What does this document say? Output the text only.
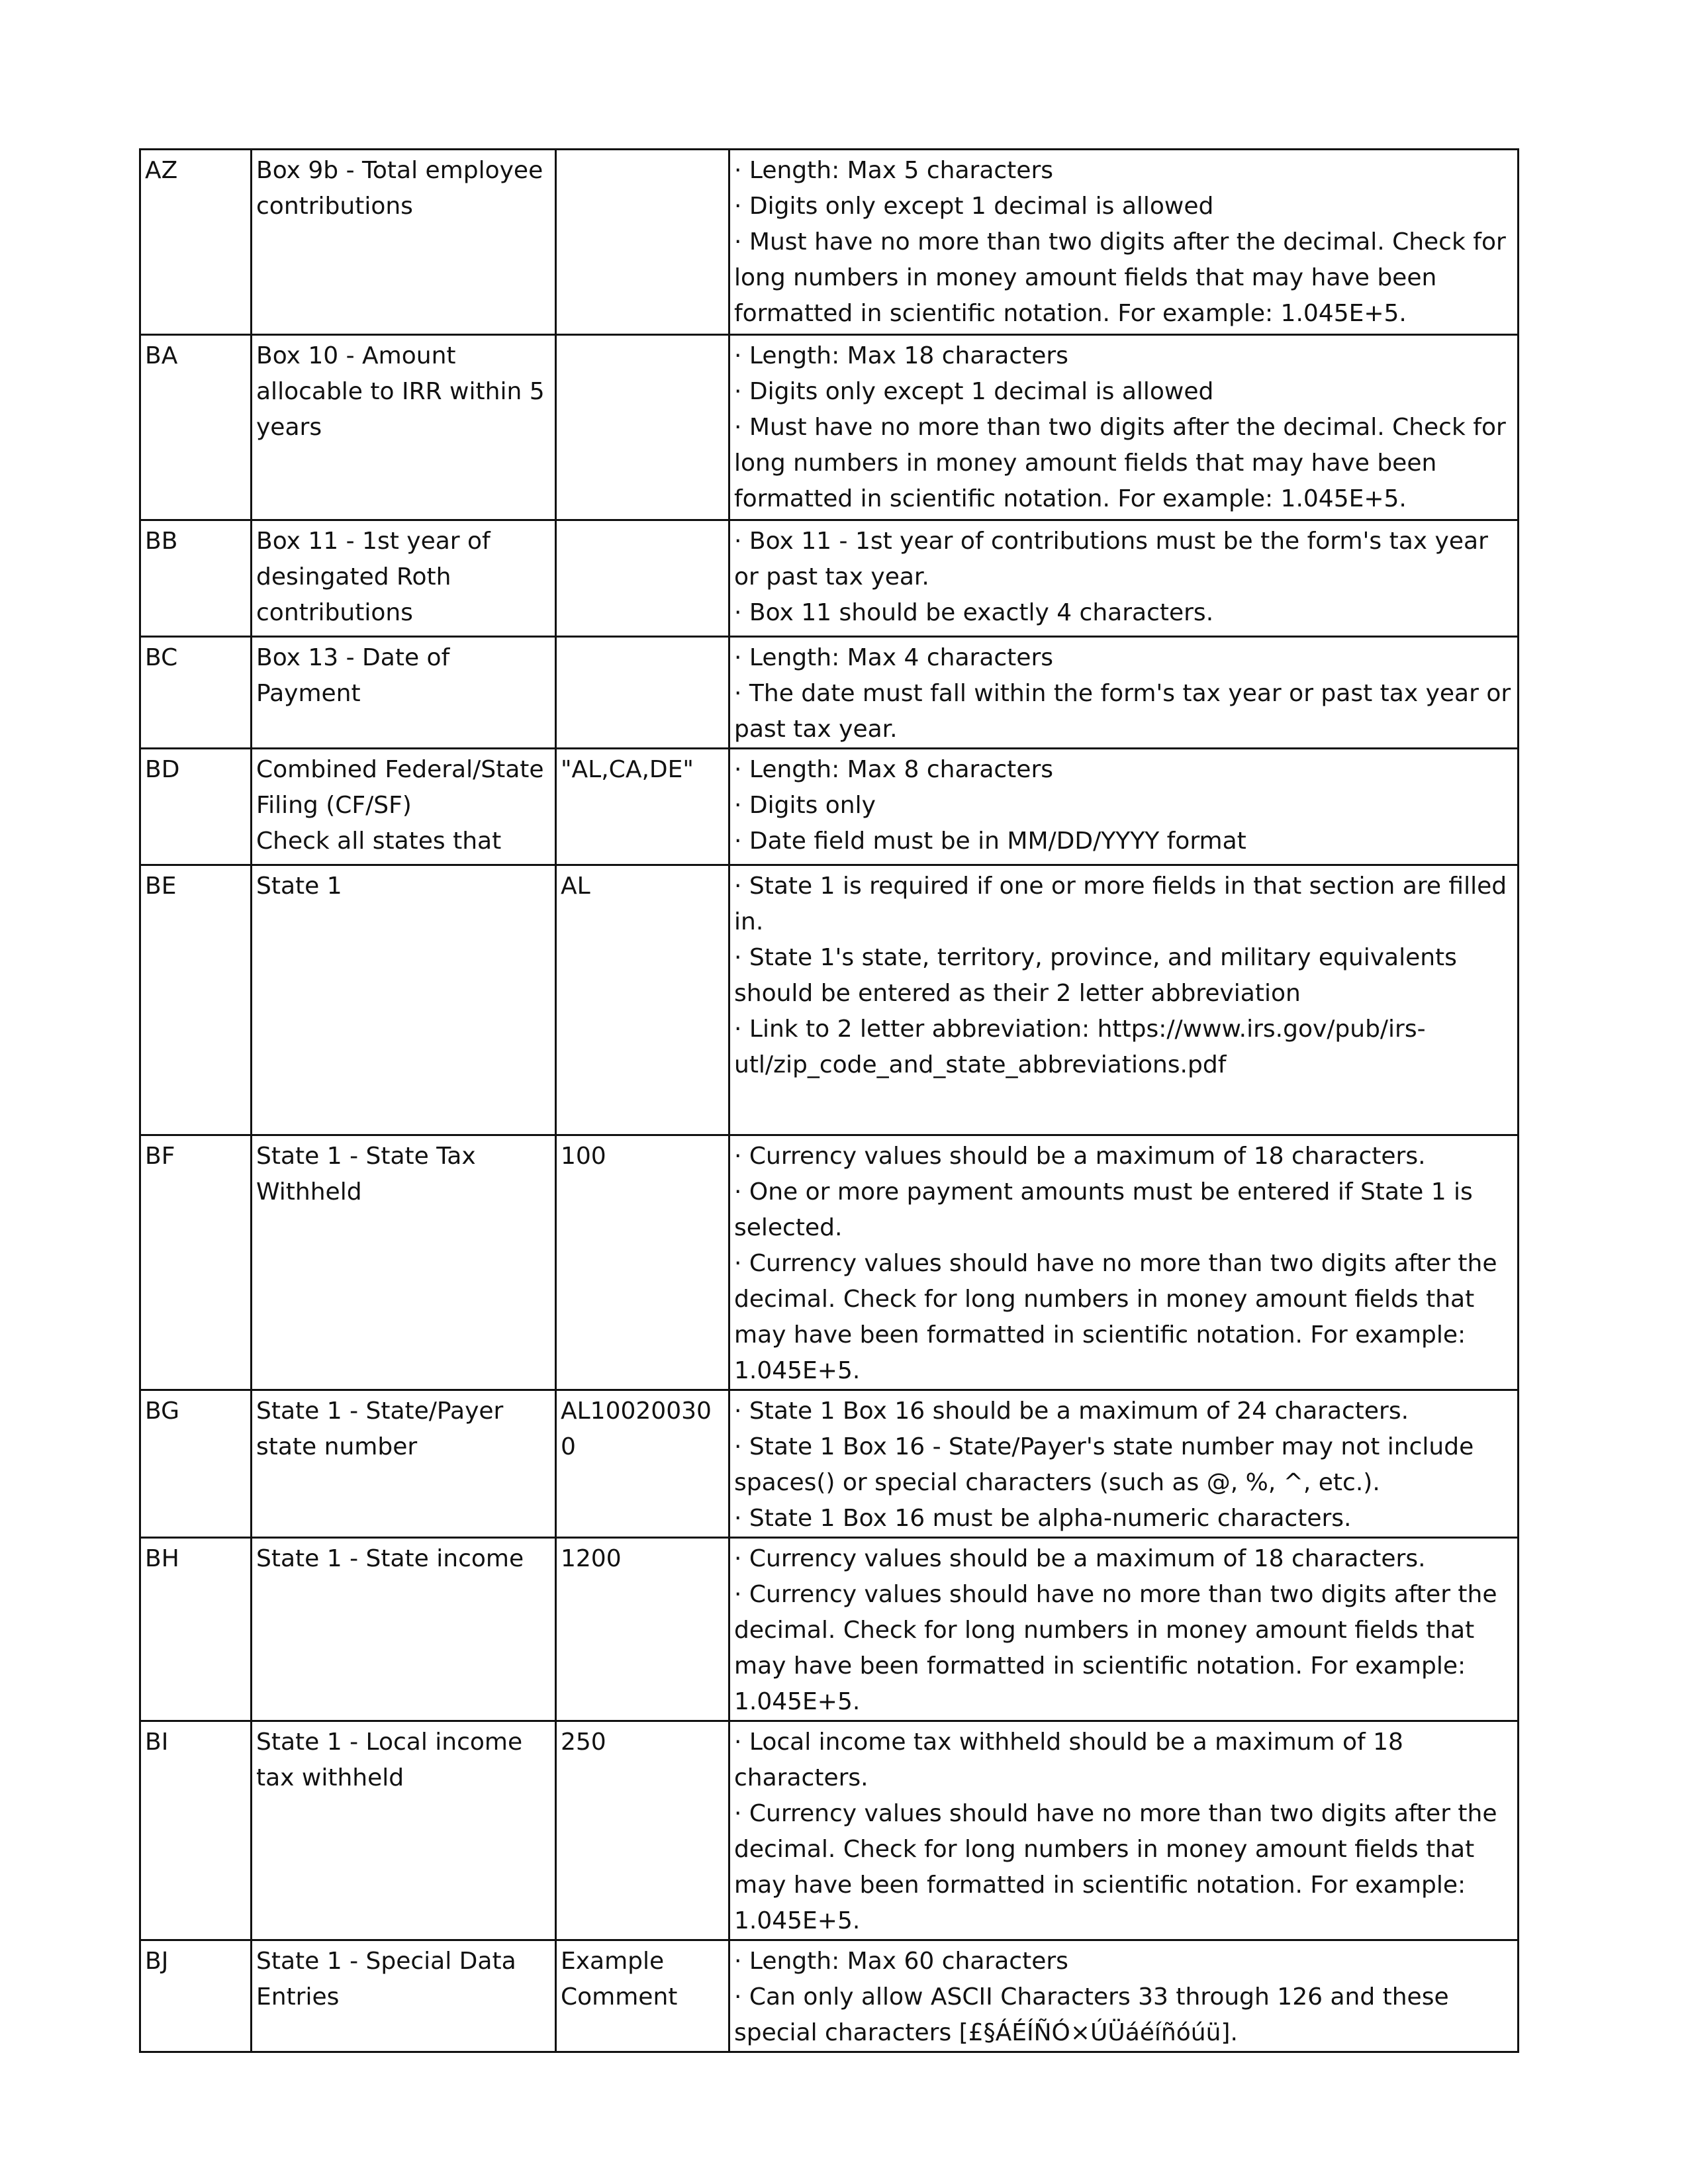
AZ	Box 9b - Total employee contributions		· Length: Max 5 characters
· Digits only except 1 decimal is allowed
· Must have no more than two digits after the decimal. Check for long numbers in money amount fields that may have been formatted in scientific notation. For example: 1.045E+5.

BA	Box 10 - Amount allocable to IRR within 5 years		· Length: Max 18 characters
· Digits only except 1 decimal is allowed
· Must have no more than two digits after the decimal. Check for long numbers in money amount fields that may have been formatted in scientific notation. For example: 1.045E+5.

BB	Box 11 - 1st year of desingated Roth contributions		· Box 11 - 1st year of contributions must be the form's tax year or past tax year.
· Box 11 should be exactly 4 characters.

BC	Box 13 - Date of Payment		· Length: Max 4 characters
· The date must fall within the form's tax year or past tax year or past tax year.

BD	Combined Federal/State Filing (CF/SF)
Check all states that	"AL,CA,DE"	· Length: Max 8 characters
· Digits only
· Date field must be in MM/DD/YYYY format

BE	State 1	AL	· State 1 is required if one or more fields in that section are filled in.
· State 1's state, territory, province, and military equivalents should be entered as their 2 letter abbreviation
· Link to 2 letter abbreviation: https://www.irs.gov/pub/irs-utl/zip_code_and_state_abbreviations.pdf

BF	State 1 - State Tax Withheld	100	· Currency values should be a maximum of 18 characters.
· One or more payment amounts must be entered if State 1 is selected.
· Currency values should have no more than two digits after the decimal. Check for long numbers in money amount fields that may have been formatted in scientific notation. For example: 1.045E+5.

BG	State 1 - State/Payer state number	AL100200300	· State 1 Box 16 should be a maximum of 24 characters.
· State 1 Box 16 - State/Payer's state number may not include spaces() or special characters (such as @, %, ^, etc.).
· State 1 Box 16 must be alpha-numeric characters.

BH	State 1 - State income	1200	· Currency values should be a maximum of 18 characters.
· Currency values should have no more than two digits after the decimal. Check for long numbers in money amount fields that may have been formatted in scientific notation. For example: 1.045E+5.

BI	State 1 - Local income tax withheld	250	· Local income tax withheld should be a maximum of 18 characters.
· Currency values should have no more than two digits after the decimal. Check for long numbers in money amount fields that may have been formatted in scientific notation. For example: 1.045E+5.

BJ	State 1 - Special Data Entries	Example Comment	· Length: Max 60 characters
· Can only allow ASCII Characters 33 through 126 and these special characters [£§ÁÉÍÑÓ×ÚÜáéíñóúü].
